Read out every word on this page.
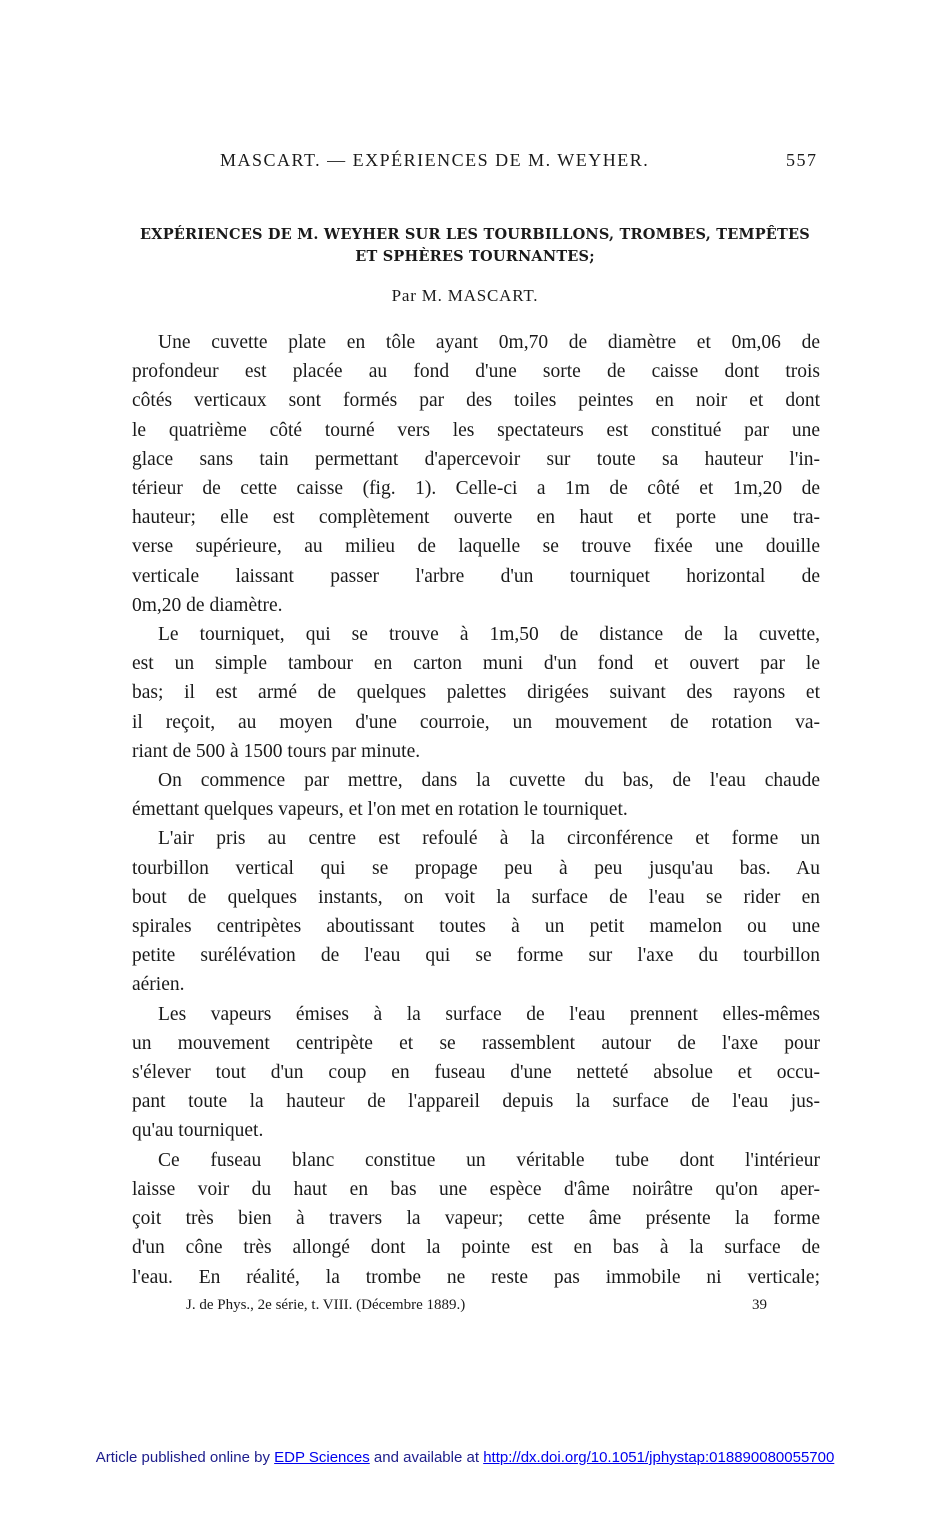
MASCART. — EXPÉRIENCES DE M. WEYHER.	557
EXPÉRIENCES DE M. WEYHER SUR LES TOURBILLONS, TROMBES, TEMPÊTES
ET SPHÈRES TOURNANTES;
Par M. MASCART.
Une cuvette plate en tôle ayant 0m,70 de diamètre et 0m,06 de
profondeur est placée au fond d'une sorte de caisse dont trois
côtés verticaux sont formés par des toiles peintes en noir et dont
le quatrième côté tourné vers les spectateurs est constitué par une
glace sans tain permettant d'apercevoir sur toute sa hauteur l'in-
térieur de cette caisse (fig. 1). Celle-ci a 1m de côté et 1m,20 de
hauteur; elle est complètement ouverte en haut et porte une tra-
verse supérieure, au milieu de laquelle se trouve fixée une douille
verticale laissant passer l'arbre d'un tourniquet horizontal de
0m,20 de diamètre.
Le tourniquet, qui se trouve à 1m,50 de distance de la cuvette,
est un simple tambour en carton muni d'un fond et ouvert par le
bas; il est armé de quelques palettes dirigées suivant des rayons et
il reçoit, au moyen d'une courroie, un mouvement de rotation va-
riant de 500 à 1500 tours par minute.
On commence par mettre, dans la cuvette du bas, de l'eau chaude
émettant quelques vapeurs, et l'on met en rotation le tourniquet.
L'air pris au centre est refoulé à la circonférence et forme un
tourbillon vertical qui se propage peu à peu jusqu'au bas. Au
bout de quelques instants, on voit la surface de l'eau se rider en
spirales centripètes aboutissant toutes à un petit mamelon ou une
petite surélévation de l'eau qui se forme sur l'axe du tourbillon
aérien.
Les vapeurs émises à la surface de l'eau prennent elles-mêmes
un mouvement centripète et se rassemblent autour de l'axe pour
s'élever tout d'un coup en fuseau d'une netteté absolue et occu-
pant toute la hauteur de l'appareil depuis la surface de l'eau jus-
qu'au tourniquet.
Ce fuseau blanc constitue un véritable tube dont l'intérieur
laisse voir du haut en bas une espèce d'âme noirâtre qu'on aper-
çoit très bien à travers la vapeur; cette âme présente la forme
d'un cône très allongé dont la pointe est en bas à la surface de
l'eau. En réalité, la trombe ne reste pas immobile ni verticale;
J. de Phys., 2e série, t. VIII. (Décembre 1889.)	39
Article published online by EDP Sciences and available at http://dx.doi.org/10.1051/jphystap:018890080055700
